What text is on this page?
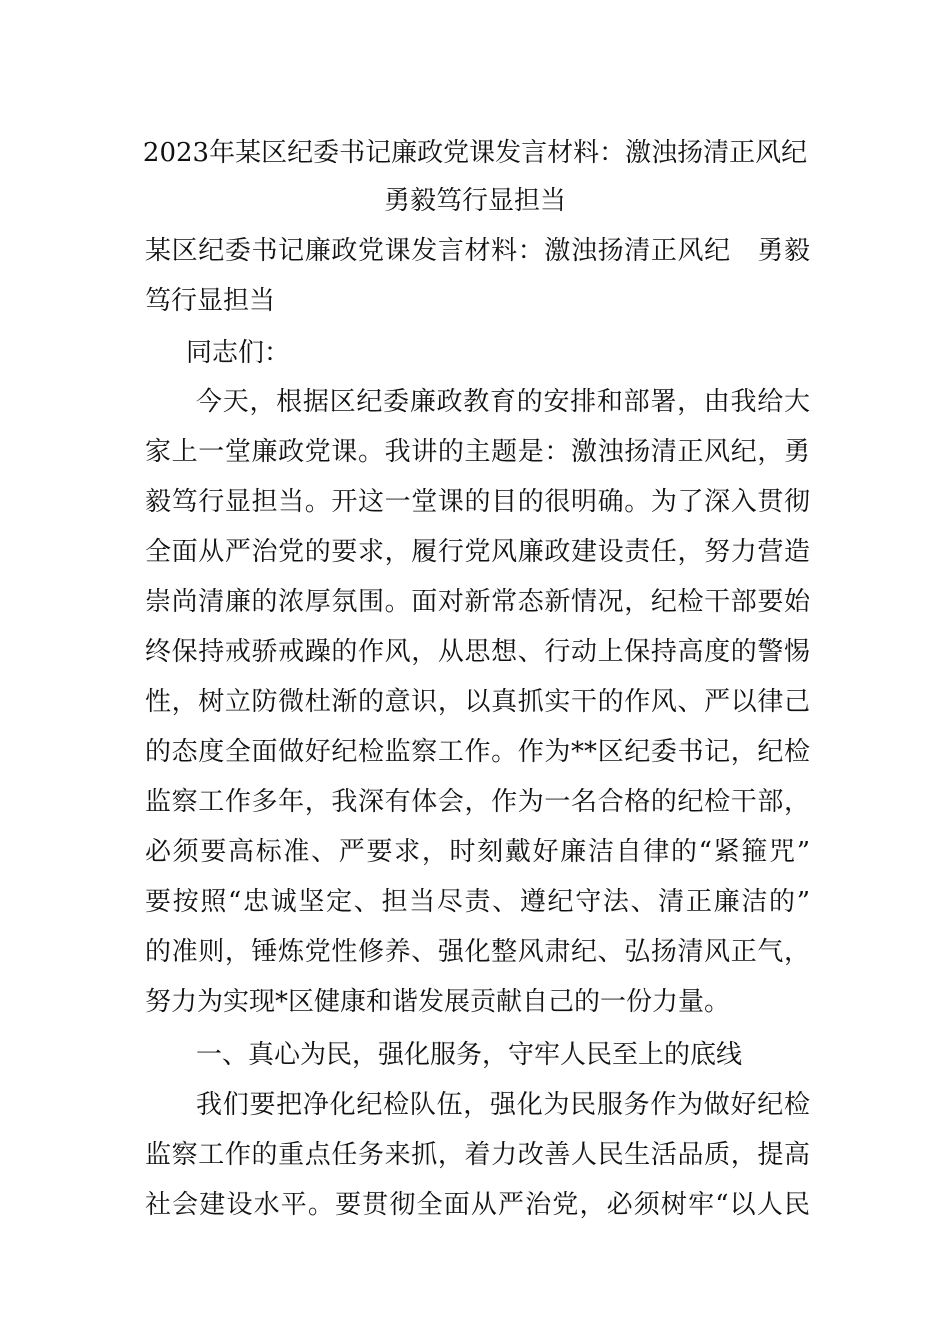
2023年某区纪委书记廉政党课发言材料：激浊扬清正风纪
勇毅笃行显担当
某区纪委书记廉政党课发言材料：激浊扬清正风纪　勇毅
笃行显担当
同志们：
今天，根据区纪委廉政教育的安排和部署，由我给大
家上一堂廉政党课。我讲的主题是：激浊扬清正风纪，勇
毅笃行显担当。开这一堂课的目的很明确。为了深入贯彻
全面从严治党的要求，履行党风廉政建设责任，努力营造
崇尚清廉的浓厚氛围。面对新常态新情况，纪检干部要始
终保持戒骄戒躁的作风，从思想、行动上保持高度的警惕
性，树立防微杜渐的意识，以真抓实干的作风、严以律己
的态度全面做好纪检监察工作。作为**区纪委书记，纪检
监察工作多年，我深有体会，作为一名合格的纪检干部，
必须要高标准、严要求，时刻戴好廉洁自律的“紧箍咒”
要按照“忠诚坚定、担当尽责、遵纪守法、清正廉洁的”
的准则，锤炼党性修养、强化整风肃纪、弘扬清风正气，
努力为实现*区健康和谐发展贡献自己的一份力量。
一、真心为民，强化服务，守牢人民至上的底线
我们要把净化纪检队伍，强化为民服务作为做好纪检
监察工作的重点任务来抓，着力改善人民生活品质，提高
社会建设水平。要贯彻全面从严治党，必须树牢“以人民
